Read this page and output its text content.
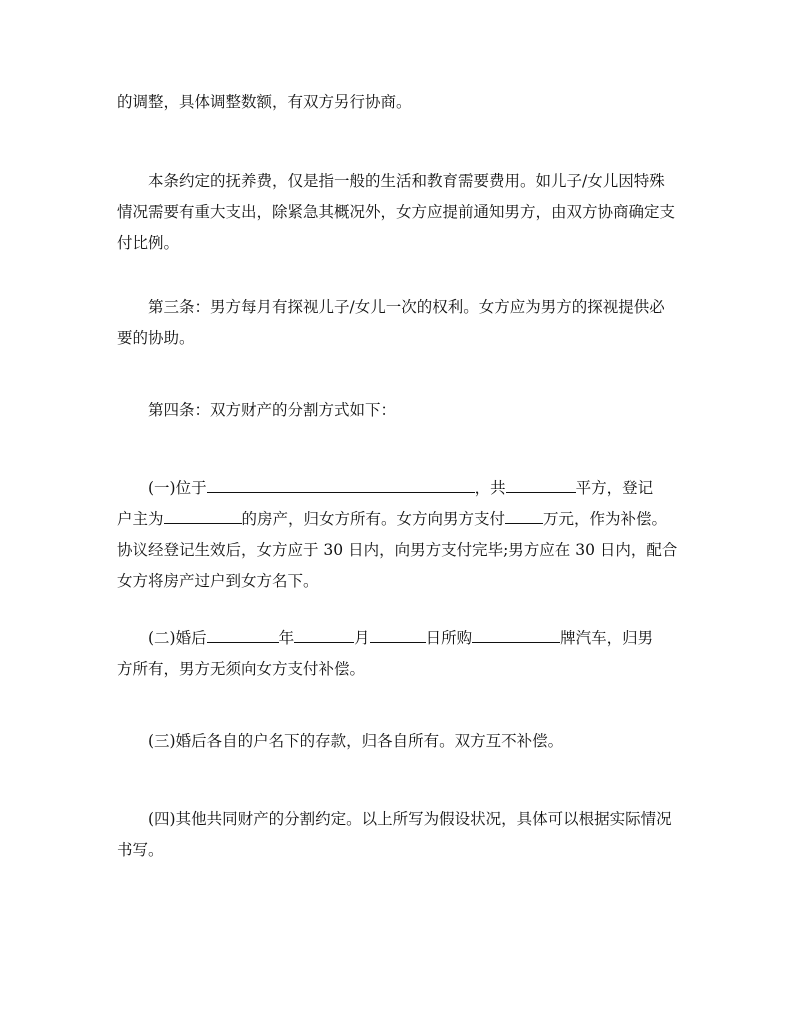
的调整，具体调整数额，有双方另行协商。
本条约定的抚养费，仅是指一般的生活和教育需要费用。如儿子/女儿因特殊
情况需要有重大支出，除紧急其概况外，女方应提前通知男方，由双方协商确定支
付比例。
第三条：男方每月有探视儿子/女儿一次的权利。女方应为男方的探视提供必
要的协助。
第四条：双方财产的分割方式如下：
(一)位于	，共	平方，登记
户主为	的房产，归女方所有。女方向男方支付 万元，作为补偿。
协议经登记生效后，女方应于 30 日内，向男方支付完毕;男方应在 30 日内，配合
女方将房产过户到女方名下。
(二)婚后	年	月	日所购	牌汽车，归男
方所有，男方无须向女方支付补偿。
(三)婚后各自的户名下的存款，归各自所有。双方互不补偿。
(四)其他共同财产的分割约定。以上所写为假设状况，具体可以根据实际情况
书写。
